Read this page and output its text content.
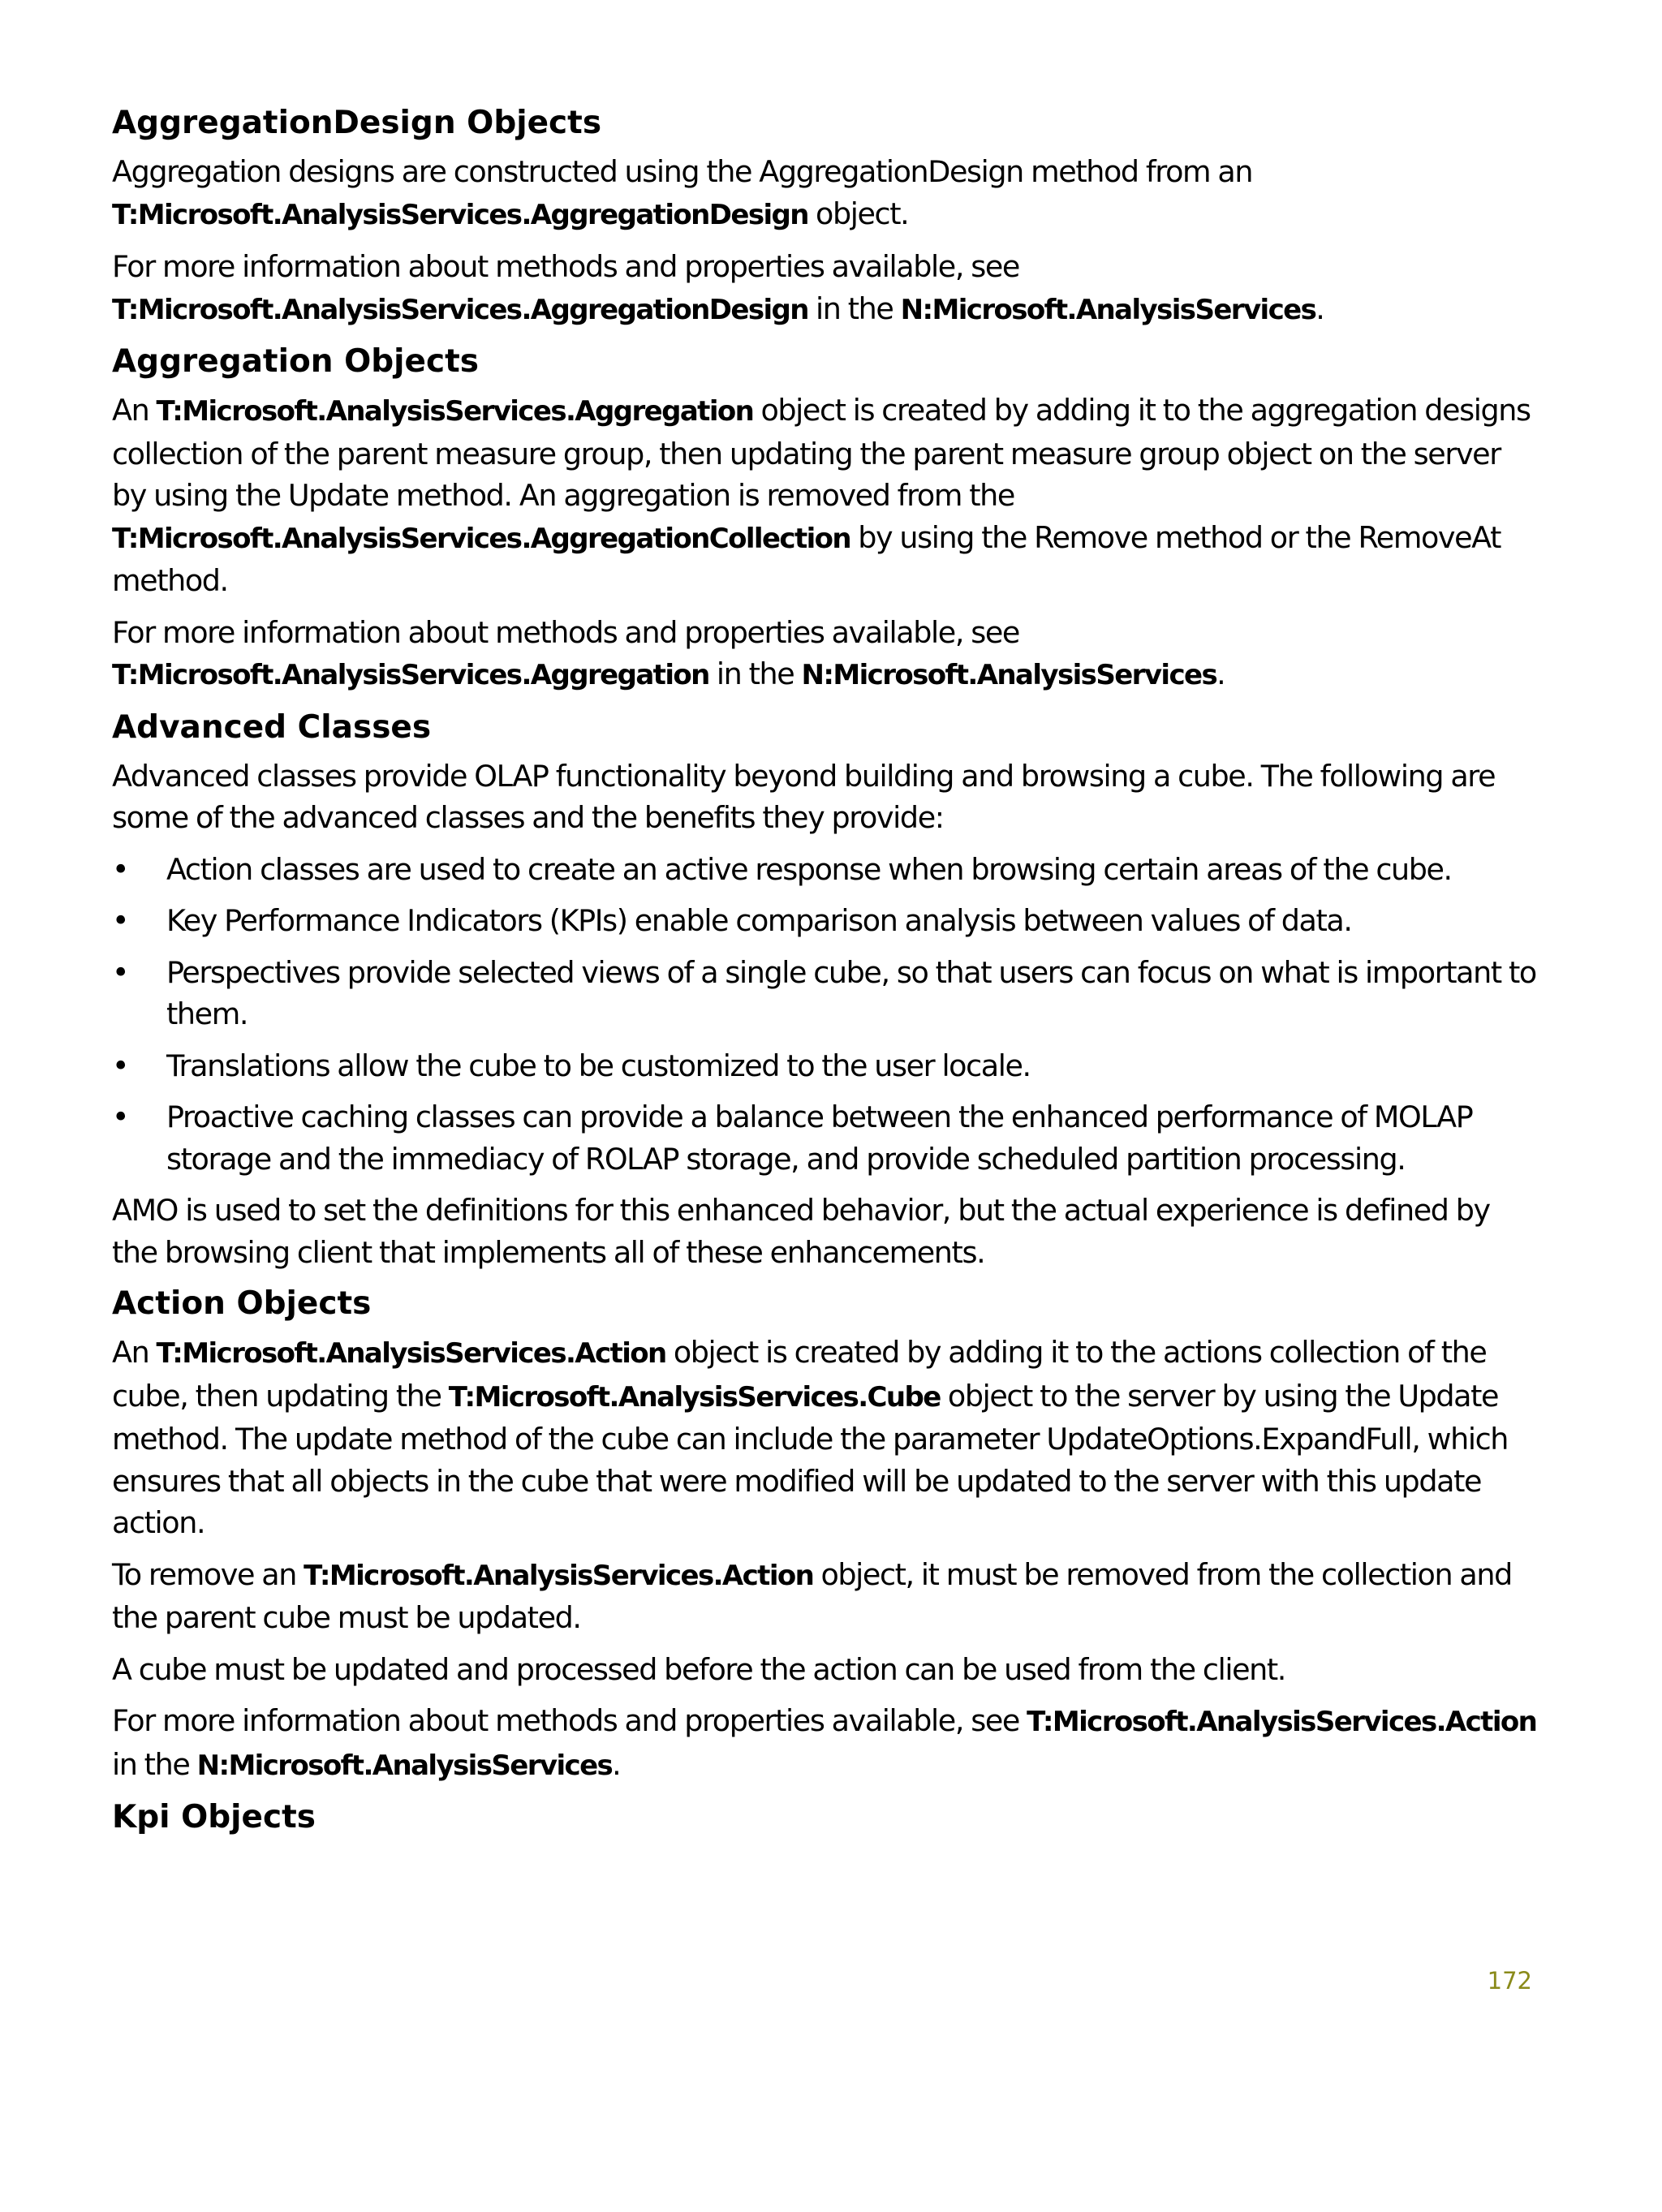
AggregationDesign Objects

Aggregation designs are constructed using the AggregationDesign method from an T:Microsoft.AnalysisServices.AggregationDesign object.

For more information about methods and properties available, see T:Microsoft.AnalysisServices.AggregationDesign in the N:Microsoft.AnalysisServices.

Aggregation Objects

An T:Microsoft.AnalysisServices.Aggregation object is created by adding it to the aggregation designs collection of the parent measure group, then updating the parent measure group object on the server by using the Update method. An aggregation is removed from the T:Microsoft.AnalysisServices.AggregationCollection by using the Remove method or the RemoveAt method.

For more information about methods and properties available, see T:Microsoft.AnalysisServices.Aggregation in the N:Microsoft.AnalysisServices.

Advanced Classes

Advanced classes provide OLAP functionality beyond building and browsing a cube. The following are some of the advanced classes and the benefits they provide:

• Action classes are used to create an active response when browsing certain areas of the cube.
• Key Performance Indicators (KPIs) enable comparison analysis between values of data.
• Perspectives provide selected views of a single cube, so that users can focus on what is important to them.
• Translations allow the cube to be customized to the user locale.
• Proactive caching classes can provide a balance between the enhanced performance of MOLAP storage and the immediacy of ROLAP storage, and provide scheduled partition processing.

AMO is used to set the definitions for this enhanced behavior, but the actual experience is defined by the browsing client that implements all of these enhancements.

Action Objects

An T:Microsoft.AnalysisServices.Action object is created by adding it to the actions collection of the cube, then updating the T:Microsoft.AnalysisServices.Cube object to the server by using the Update method. The update method of the cube can include the parameter UpdateOptions.ExpandFull, which ensures that all objects in the cube that were modified will be updated to the server with this update action.

To remove an T:Microsoft.AnalysisServices.Action object, it must be removed from the collection and the parent cube must be updated.

A cube must be updated and processed before the action can be used from the client.

For more information about methods and properties available, see T:Microsoft.AnalysisServices.Action in the N:Microsoft.AnalysisServices.

Kpi Objects
172
